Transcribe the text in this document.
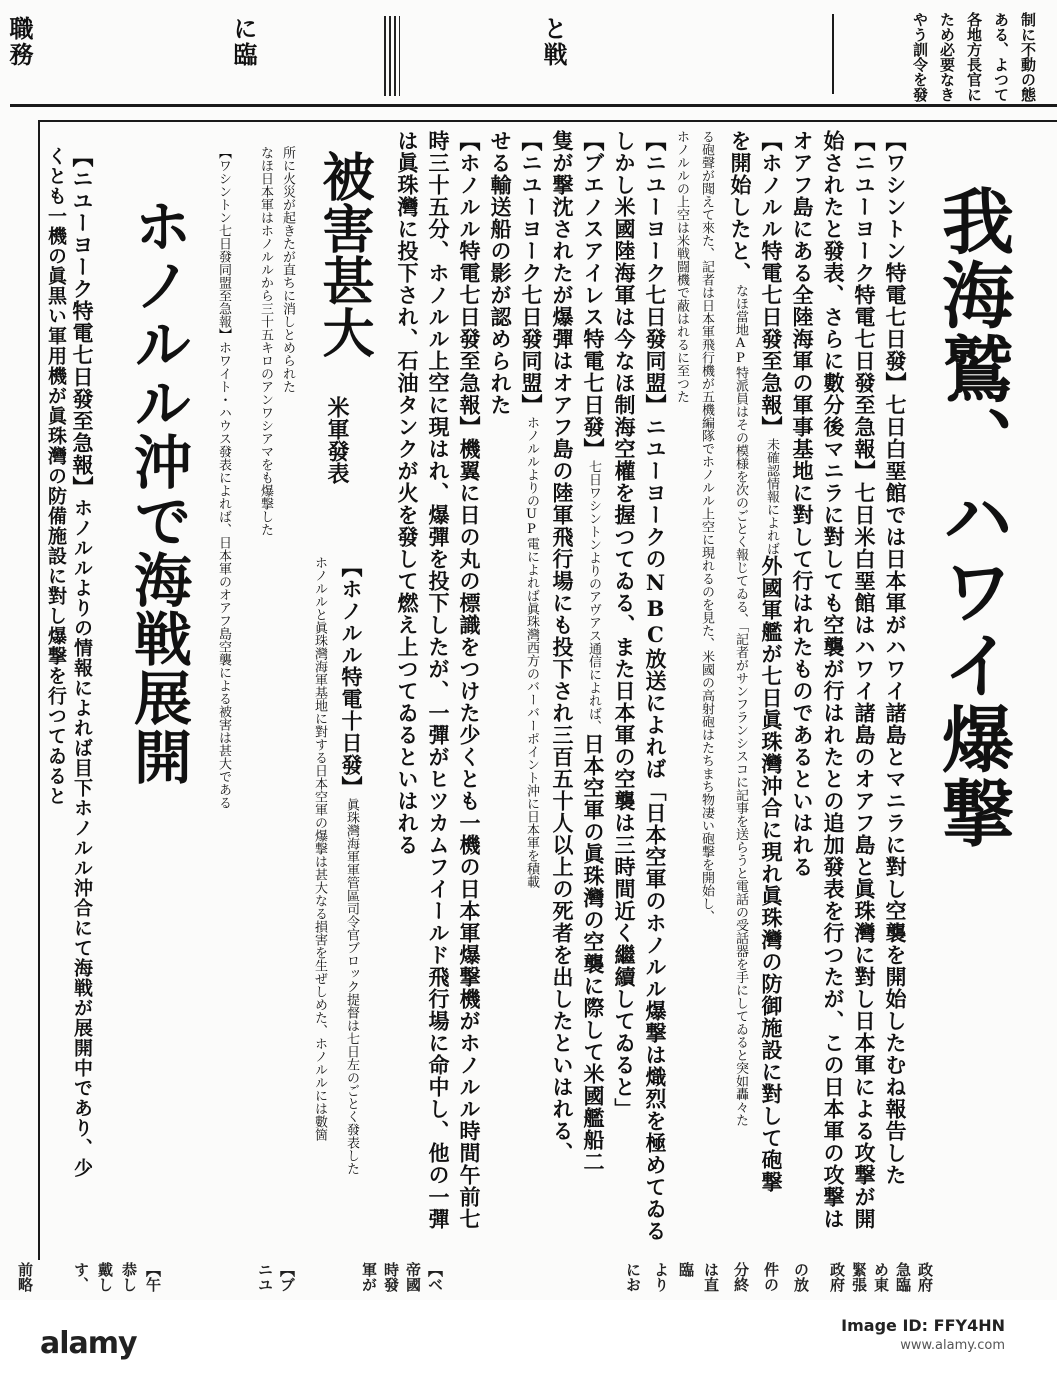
職務	に臨	と戦	制に不動の態
ある、よつて
各地方長官に
ため必要なき
やう訓令を發
我海鷲、ハワイ爆撃
【ワシントン特電七日發】七日白堊館では日本軍がハワイ諸島とマニラに對し空襲を開始したむね報告した
【ニユーヨーク特電七日發至急報】七日米白堊館はハワイ諸島のオアフ島と眞珠灣に對し日本軍による攻撃が開
始されたと發表、さらに數分後マニラに對しても空襲が行はれたとの追加發表を行つたが、この日本軍の攻撃は
オアフ島にある全陸海軍の軍事基地に對して行はれたものであるといはれる
【ホノルル特電七日發至急報】未確認情報によれば外國軍艦が七日眞珠灣沖合に現れ眞珠灣の防御施設に對して砲撃
を開始したと、なほ當地AP特派員はその模様を次のごとく報じてゐる、「記者がサンフランシスコに記事を送らうと電話の受話器を手にしてゐると突如轟々た
る砲聲が聞えて來た、記者は日本軍飛行機が五機編隊でホノルル上空に現れるのを見た、米國の高射砲はたちまち物凄い砲撃を開始し、
ホノルルの上空は米戦闘機で蔽はれるに至つた
【ニユーヨーク七日發同盟】ニユーヨークのNBC放送によれば「日本空軍のホノルル爆撃は熾烈を極めてゐる
しかし米國陸海軍は今なほ制海空權を握つてゐる、また日本軍の空襲は三時間近く繼續してゐると」
【ブエノスアイレス特電七日發】七日ワシントンよりのアヴアス通信によれば、日本空軍の眞珠灣の空襲に際して米國艦船二
隻が撃沈されたが爆彈はオアフ島の陸軍飛行場にも投下され三百五十人以上の死者を出したといはれる、
【ニユーヨーク七日發同盟】ホノルルよりのUP電によれば眞珠灣西方のバーバーポイント沖に日本軍を積載
せる輸送船の影が認められた
【ホノルル特電七日發至急報】機翼に日の丸の標識をつけた少くとも一機の日本軍爆撃機がホノルル時間午前七
時三十五分、ホノルル上空に現はれ、爆彈を投下したが、一彈がヒツカムフイールド飛行場に命中し、他の一彈
は眞珠灣に投下され、石油タンクが火を發して燃え上つてゐるといはれる
被害甚大
米軍發表
【ホノルル特電十日發】眞珠灣海軍軍管區司令官ブロック提督は七日左のごとく發表した
ホノルルと眞珠灣海軍基地に對する日本空軍の爆撃は甚大なる損害を生ぜしめた、ホノルルには數箇
所に火災が起きたが直ちに消しとめられた
なほ日本軍はホノルルから三十五キロのアンワシアマをも爆撃した
【ワシントン七日發同盟至急報】ホワイト・ハウス發表によれば、日本軍のオアフ島空襲による被害は甚大である
ホノルル沖で海戦展開
【ニユーヨーク特電七日發至急報】ホノルルよりの情報によれば目下ホノルル沖合にて海戦が展開中であり、少
くとも一機の眞黒い軍用機が眞珠灣の防備施設に對し爆撃を行つてゐると
政府
急臨
め東
緊張
政府
の放
件の
分終
は直
臨
より
にお
【ベ
帝國
時發
軍が
【ブ
ニユ
【午
恭し
戴し
す、
前略
alamy
Image ID: FFY4HN
www.alamy.com
